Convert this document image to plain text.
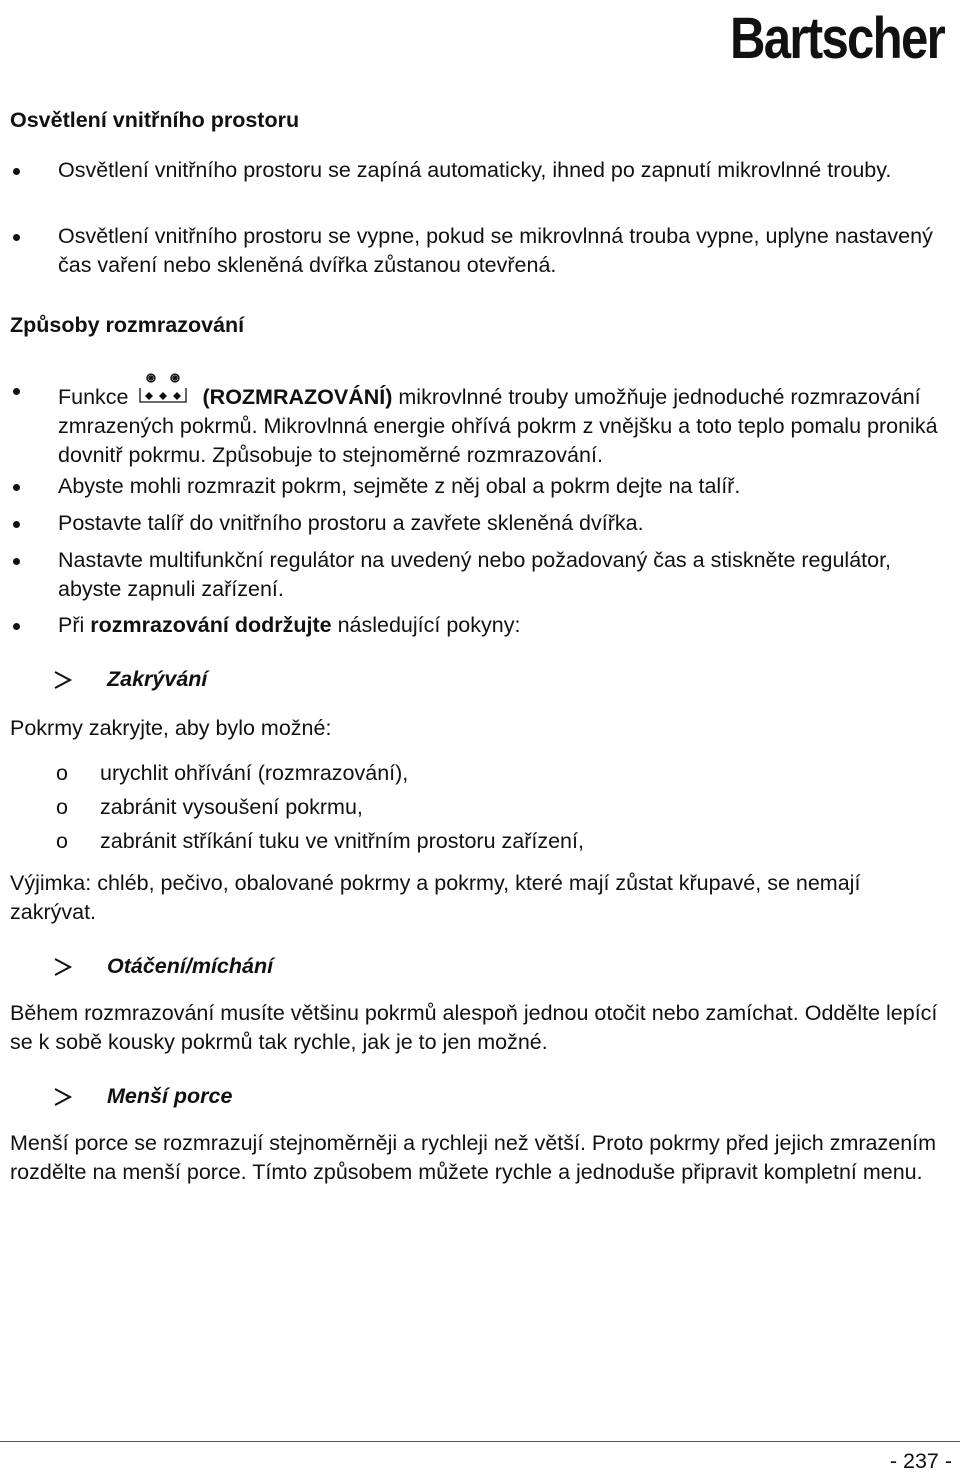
Bartscher
Osvětlení vnitřního prostoru
Osvětlení vnitřního prostoru se zapíná automaticky, ihned po zapnutí mikrovlnné trouby.
Osvětlení vnitřního prostoru se vypne, pokud se mikrovlnná trouba vypne, uplyne nastavený čas vaření nebo skleněná dvířka zůstanou otevřená.
Způsoby rozmrazování
Funkce	(ROZMRAZOVÁNÍ) mikrovlnné trouby umožňuje jednoduché rozmrazování zmrazených pokrmů. Mikrovlnná energie ohřívá pokrm z vnějšku a toto teplo pomalu proniká dovnitř pokrmu. Způsobuje to stejnoměrné rozmrazování.
Abyste mohli rozmrazit pokrm, sejměte z něj obal a pokrm dejte na talíř.
Postavte talíř do vnitřního prostoru a zavřete skleněná dvířka.
Nastavte multifunkční regulátor na uvedený nebo požadovaný čas a stiskněte regulátor, abyste zapnuli zařízení.
Při rozmrazování dodržujte následující pokyny:
Zakrývání
Pokrmy zakryjte, aby bylo možné:
o urychlit ohřívání (rozmrazování),
o zabránit vysoušení pokrmu,
o zabránit stříkání tuku ve vnitřním prostoru zařízení,
Výjimka: chléb, pečivo, obalované pokrmy a pokrmy, které mají zůstat křupavé, se nemají zakrývat.
Otáčení/míchání
Během rozmrazování musíte většinu pokrmů alespoň jednou otočit nebo zamíchat. Oddělte lepící se k sobě kousky pokrmů tak rychle, jak je to jen možné.
Menší porce
Menší porce se rozmrazují stejnoměrněji a rychleji než větší. Proto pokrmy před jejich zmrazením rozdělte na menší porce. Tímto způsobem můžete rychle a jednoduše připravit kompletní menu.
- 237 -
